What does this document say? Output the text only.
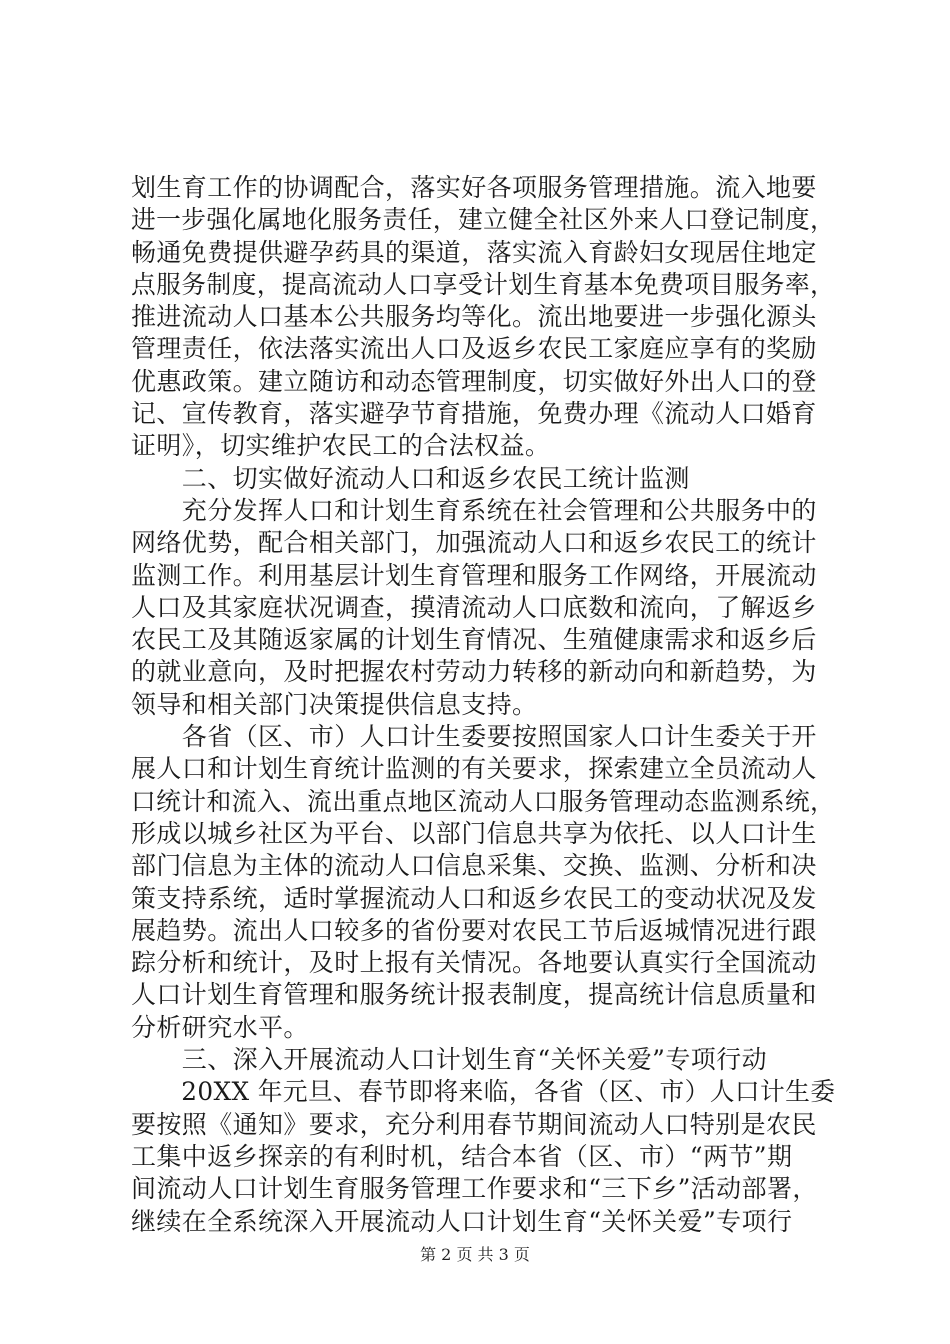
划生育工作的协调配合，落实好各项服务管理措施。流入地要
进一步强化属地化服务责任，建立健全社区外来人口登记制度，
畅通免费提供避孕药具的渠道，落实流入育龄妇女现居住地定
点服务制度，提高流动人口享受计划生育基本免费项目服务率，
推进流动人口基本公共服务均等化。流出地要进一步强化源头
管理责任，依法落实流出人口及返乡农民工家庭应享有的奖励
优惠政策。建立随访和动态管理制度，切实做好外出人口的登
记、宣传教育，落实避孕节育措施，免费办理《流动人口婚育
证明》，切实维护农民工的合法权益。
　　二、切实做好流动人口和返乡农民工统计监测
　　充分发挥人口和计划生育系统在社会管理和公共服务中的
网络优势，配合相关部门，加强流动人口和返乡农民工的统计
监测工作。利用基层计划生育管理和服务工作网络，开展流动
人口及其家庭状况调查，摸清流动人口底数和流向，了解返乡
农民工及其随返家属的计划生育情况、生殖健康需求和返乡后
的就业意向，及时把握农村劳动力转移的新动向和新趋势，为
领导和相关部门决策提供信息支持。
　　各省（区、市）人口计生委要按照国家人口计生委关于开
展人口和计划生育统计监测的有关要求，探索建立全员流动人
口统计和流入、流出重点地区流动人口服务管理动态监测系统，
形成以城乡社区为平台、以部门信息共享为依托、以人口计生
部门信息为主体的流动人口信息采集、交换、监测、分析和决
策支持系统，适时掌握流动人口和返乡农民工的变动状况及发
展趋势。流出人口较多的省份要对农民工节后返城情况进行跟
踪分析和统计，及时上报有关情况。各地要认真实行全国流动
人口计划生育管理和服务统计报表制度，提高统计信息质量和
分析研究水平。
　　三、深入开展流动人口计划生育“关怀关爱”专项行动
　　20XX 年元旦、春节即将来临，各省（区、市）人口计生委
要按照《通知》要求，充分利用春节期间流动人口特别是农民
工集中返乡探亲的有利时机，结合本省（区、市）“两节”期
间流动人口计划生育服务管理工作要求和“三下乡”活动部署，
继续在全系统深入开展流动人口计划生育“关怀关爱”专项行
第 2 页 共 3 页
